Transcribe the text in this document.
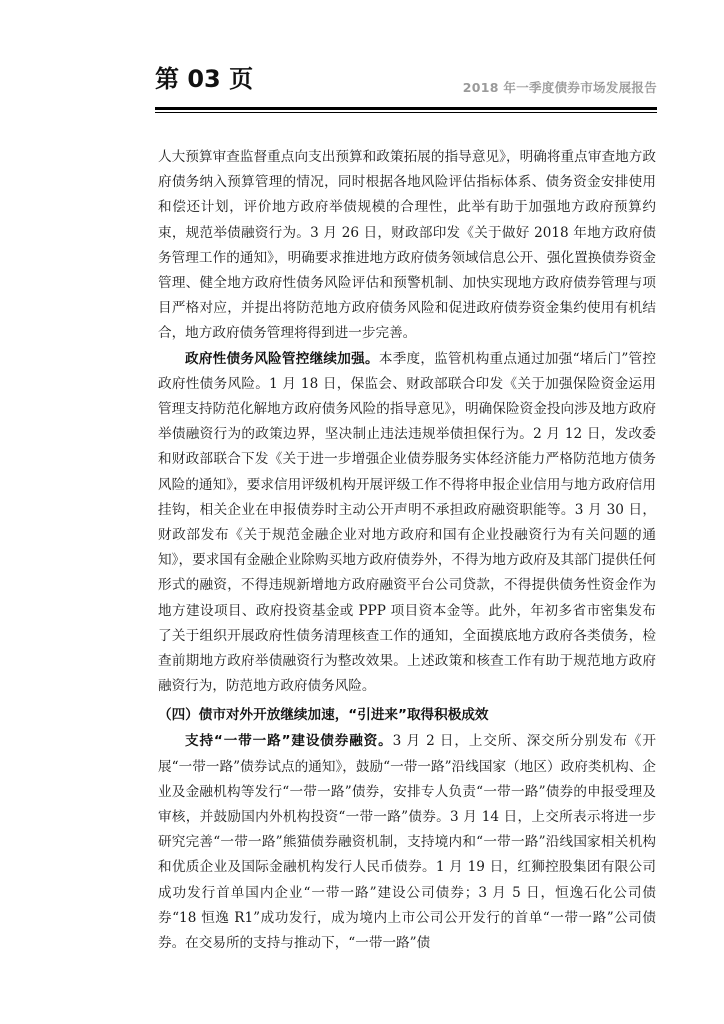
第 03 页	2018 年一季度债券市场发展报告

人大预算审查监督重点向支出预算和政策拓展的指导意见》，明确将重点审查地方政府债务纳入预算管理的情况，同时根据各地风险评估指标体系、债务资金安排使用和偿还计划，评价地方政府举债规模的合理性，此举有助于加强地方政府预算约束，规范举债融资行为。3 月 26 日，财政部印发《关于做好 2018 年地方政府债务管理工作的通知》，明确要求推进地方政府债务领域信息公开、强化置换债券资金管理、健全地方政府性债务风险评估和预警机制、加快实现地方政府债券管理与项目严格对应，并提出将防范地方政府债务风险和促进政府债券资金集约使用有机结合，地方政府债务管理将得到进一步完善。

政府性债务风险管控继续加强。本季度，监管机构重点通过加强“堵后门”管控政府性债务风险。1 月 18 日，保监会、财政部联合印发《关于加强保险资金运用管理支持防范化解地方政府债务风险的指导意见》，明确保险资金投向涉及地方政府举债融资行为的政策边界，坚决制止违法违规举债担保行为。2 月 12 日，发改委和财政部联合下发《关于进一步增强企业债券服务实体经济能力严格防范地方债务风险的通知》，要求信用评级机构开展评级工作不得将申报企业信用与地方政府信用挂钩，相关企业在申报债券时主动公开声明不承担政府融资职能等。3 月 30 日，财政部发布《关于规范金融企业对地方政府和国有企业投融资行为有关问题的通知》，要求国有金融企业除购买地方政府债券外，不得为地方政府及其部门提供任何形式的融资，不得违规新增地方政府融资平台公司贷款，不得提供债务性资金作为地方建设项目、政府投资基金或 PPP 项目资本金等。此外，年初多省市密集发布了关于组织开展政府性债务清理核查工作的通知，全面摸底地方政府各类债务，检查前期地方政府举债融资行为整改效果。上述政策和核查工作有助于规范地方政府融资行为，防范地方政府债务风险。

（四）债市对外开放继续加速，“引进来”取得积极成效

支持“一带一路”建设债券融资。3 月 2 日，上交所、深交所分别发布《开展“一带一路”债券试点的通知》，鼓励“一带一路”沿线国家（地区）政府类机构、企业及金融机构等发行“一带一路”债券，安排专人负责“一带一路”债券的申报受理及审核，并鼓励国内外机构投资“一带一路”债券。3 月 14 日，上交所表示将进一步研究完善“一带一路”熊猫债券融资机制，支持境内和“一带一路”沿线国家相关机构和优质企业及国际金融机构发行人民币债券。1 月 19 日，红狮控股集团有限公司成功发行首单国内企业“一带一路”建设公司债券；3 月 5 日，恒逸石化公司债券“18 恒逸 R1”成功发行，成为境内上市公司公开发行的首单“一带一路”公司债券。在交易所的支持与推动下，“一带一路”债
